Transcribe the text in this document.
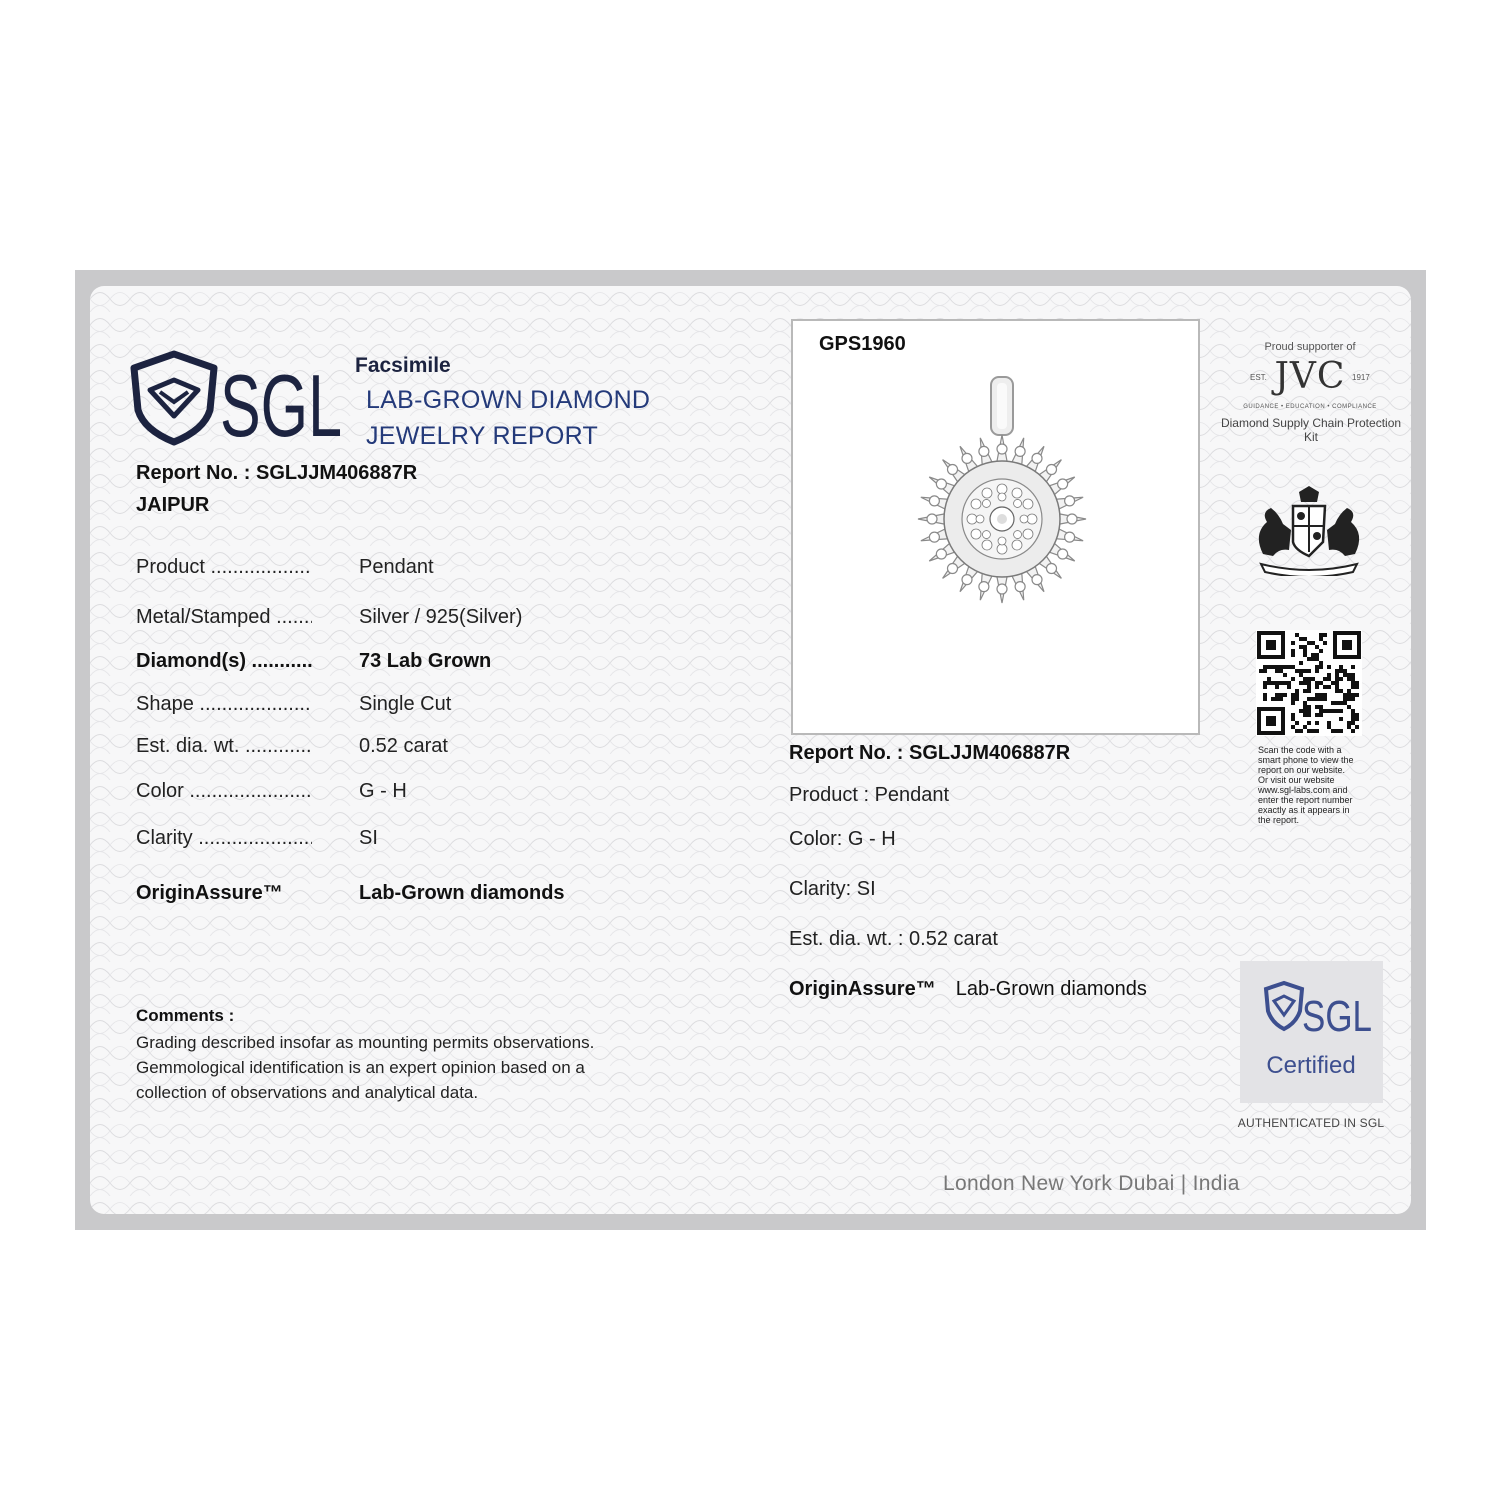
SGL Facsimile
LAB-GROWN DIAMOND
JEWELRY REPORT
Report No. : SGLJJM406887R
JAIPUR
Product .....	Pendant
Metal/Stamped .....	Silver / 925(Silver)
Diamond(s) .....	73 Lab Grown
Shape .....	Single Cut
Est. dia. wt. .....	0.52 carat
Color .....	G - H
Clarity .....	SI
OriginAssure™	Lab-Grown diamonds
Comments :
Grading described insofar as mounting permits observations. Gemmological identification is an expert opinion based on a collection of observations and analytical data.
GPS1960
Report No. : SGLJJM406887R
Product : Pendant
Color: G - H
Clarity: SI
Est. dia. wt. : 0.52 carat
OriginAssure™ Lab-Grown diamonds
Proud supporter of
JVC
EST.	1917
GUIDANCE • EDUCATION • COMPLIANCE
Diamond Supply Chain Protection Kit
Scan the code with a smart phone to view the report on our website. Or visit our website www.sgl-labs.com and enter the report number exactly as it appears in the report.
SGL
Certified
AUTHENTICATED IN SGL
London New York Dubai | India
